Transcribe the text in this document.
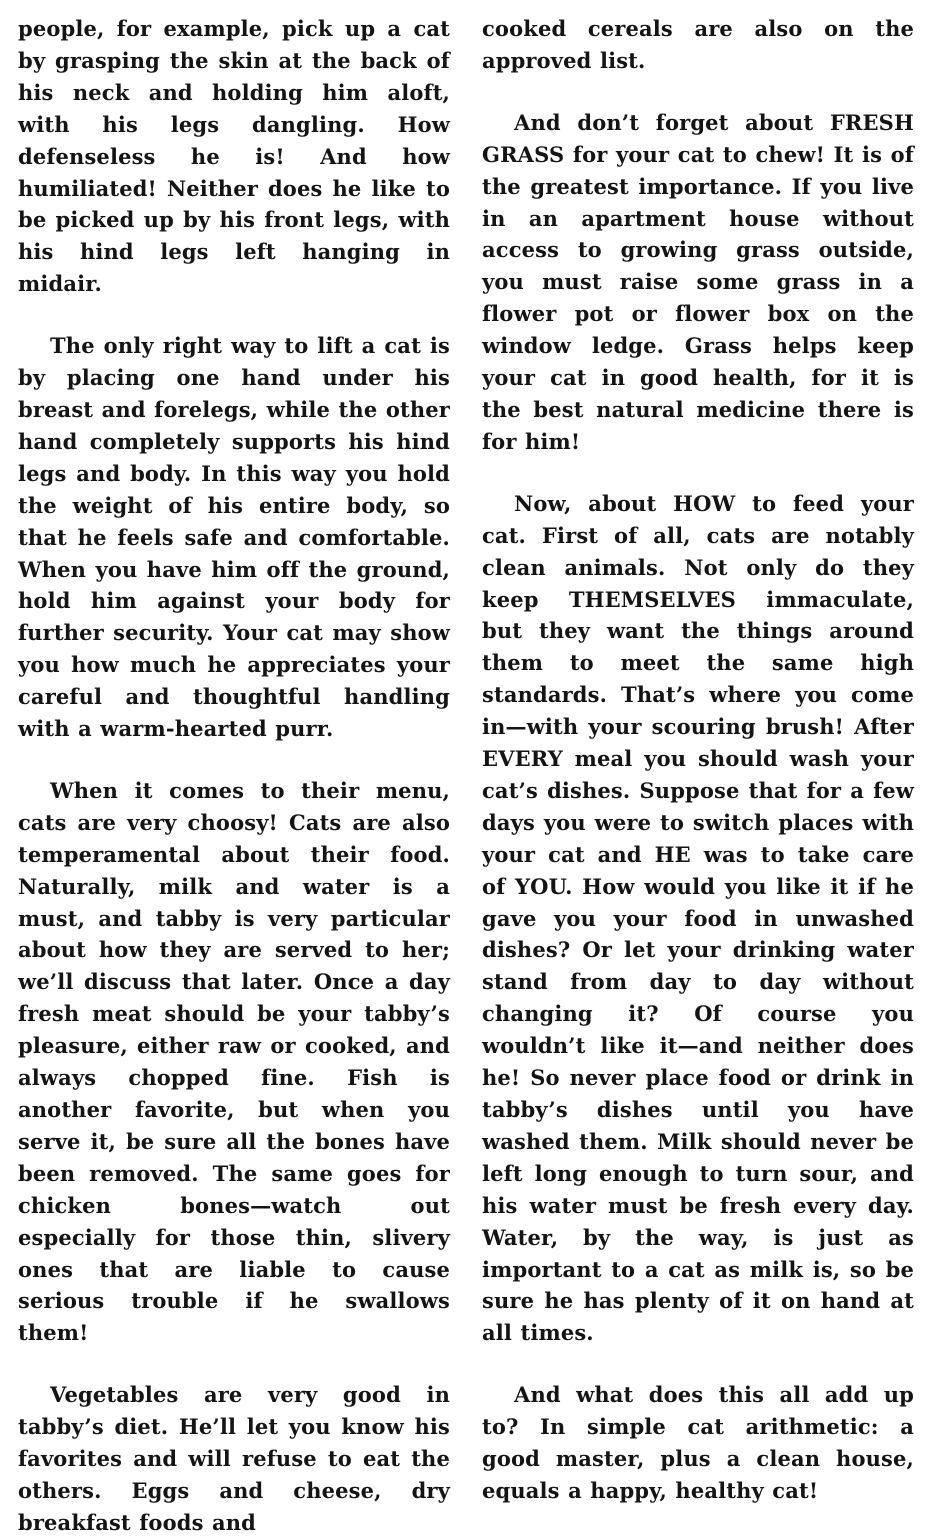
people, for example, pick up a cat by grasping the skin at the back of his neck and holding him aloft, with his legs dangling. How defenseless he is! And how humiliated! Neither does he like to be picked up by his front legs, with his hind legs left hanging in midair.

The only right way to lift a cat is by placing one hand under his breast and forelegs, while the other hand completely supports his hind legs and body. In this way you hold the weight of his entire body, so that he feels safe and comfortable. When you have him off the ground, hold him against your body for further security. Your cat may show you how much he appreciates your careful and thoughtful handling with a warm-hearted purr.

When it comes to their menu, cats are very choosy! Cats are also temperamental about their food. Naturally, milk and water is a must, and tabby is very particular about how they are served to her; we’ll discuss that later. Once a day fresh meat should be your tabby’s pleasure, either raw or cooked, and always chopped fine. Fish is another favorite, but when you serve it, be sure all the bones have been removed. The same goes for chicken bones—watch out especially for those thin, slivery ones that are liable to cause serious trouble if he swallows them!

Vegetables are very good in tabby’s diet. He’ll let you know his favorites and will refuse to eat the others. Eggs and cheese, dry breakfast foods and

cooked cereals are also on the approved list.

And don’t forget about FRESH GRASS for your cat to chew! It is of the greatest importance. If you live in an apartment house without access to growing grass outside, you must raise some grass in a flower pot or flower box on the window ledge. Grass helps keep your cat in good health, for it is the best natural medicine there is for him!

Now, about HOW to feed your cat. First of all, cats are notably clean animals. Not only do they keep THEMSELVES immaculate, but they want the things around them to meet the same high standards. That’s where you come in—with your scouring brush! After EVERY meal you should wash your cat’s dishes. Suppose that for a few days you were to switch places with your cat and HE was to take care of YOU. How would you like it if he gave you your food in unwashed dishes? Or let your drinking water stand from day to day without changing it? Of course you wouldn’t like it—and neither does he! So never place food or drink in tabby’s dishes until you have washed them. Milk should never be left long enough to turn sour, and his water must be fresh every day. Water, by the way, is just as important to a cat as milk is, so be sure he has plenty of it on hand at all times.

And what does this all add up to? In simple cat arithmetic: a good master, plus a clean house, equals a happy, healthy cat!
